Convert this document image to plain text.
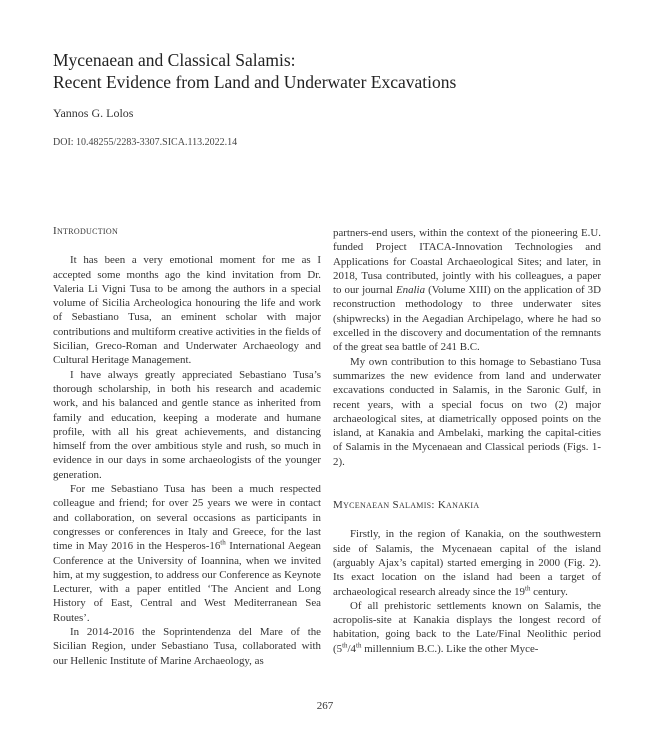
Mycenaean and Classical Salamis:
Recent Evidence from Land and Underwater Excavations
Yannos G. Lolos
DOI: 10.48255/2283-3307.SICA.113.2022.14
Introduction

It has been a very emotional moment for me as I accepted some months ago the kind invitation from Dr. Valeria Li Vigni Tusa to be among the authors in a special volume of Sicilia Archeologica honouring the life and work of Sebastiano Tusa, an eminent scholar with major contributions and multiform creative activities in the fields of Sicilian, Greco-Roman and Underwater Archaeology and Cultural Heritage Management.

I have always greatly appreciated Sebastiano Tusa’s thorough scholarship, in both his research and academic work, and his balanced and gentle stance as inherited from family and education, keeping a moderate and humane profile, with all his great achievements, and distancing himself from the over ambitious style and rush, so much in evidence in our days in some archaeologists of the younger generation.

For me Sebastiano Tusa has been a much respected colleague and friend; for over 25 years we were in contact and collaboration, on several occasions as participants in congresses or conferences in Italy and Greece, for the last time in May 2016 in the Hesperos-16th International Aegean Conference at the University of Ioannina, when we invited him, at my suggestion, to address our Conference as Keynote Lecturer, with a paper entitled ‘The Ancient and Long History of East, Central and West Mediterranean Sea Routes’.

In 2014-2016 the Soprintendenza del Mare of the Sicilian Region, under Sebastiano Tusa, collaborated with our Hellenic Institute of Marine Archaeology, as

partners-end users, within the context of the pioneering E.U. funded Project ITACA-Innovation Technologies and Applications for Coastal Archaeological Sites; and later, in 2018, Tusa contributed, jointly with his colleagues, a paper to our journal Enalia (Volume XIII) on the application of 3D reconstruction methodology to three underwater sites (shipwrecks) in the Aegadian Archipelago, where he had so excelled in the discovery and documentation of the remnants of the great sea battle of 241 B.C.

My own contribution to this homage to Sebastiano Tusa summarizes the new evidence from land and underwater excavations conducted in Salamis, in the Saronic Gulf, in recent years, with a special focus on two (2) major archaeological sites, at diametrically opposed points on the island, at Kanakia and Ambelaki, marking the capital-cities of Salamis in the Mycenaean and Classical periods (Figs. 1-2).

Mycenaean Salamis: Kanakia

Firstly, in the region of Kanakia, on the southwestern side of Salamis, the Mycenaean capital of the island (arguably Ajax’s capital) started emerging in 2000 (Fig. 2). Its exact location on the island had been a target of archaeological research already since the 19th century.

Of all prehistoric settlements known on Salamis, the acropolis-site at Kanakia displays the longest record of habitation, going back to the Late/Final Neolithic period (5th/4th millennium B.C.). Like the other Myce-

267
